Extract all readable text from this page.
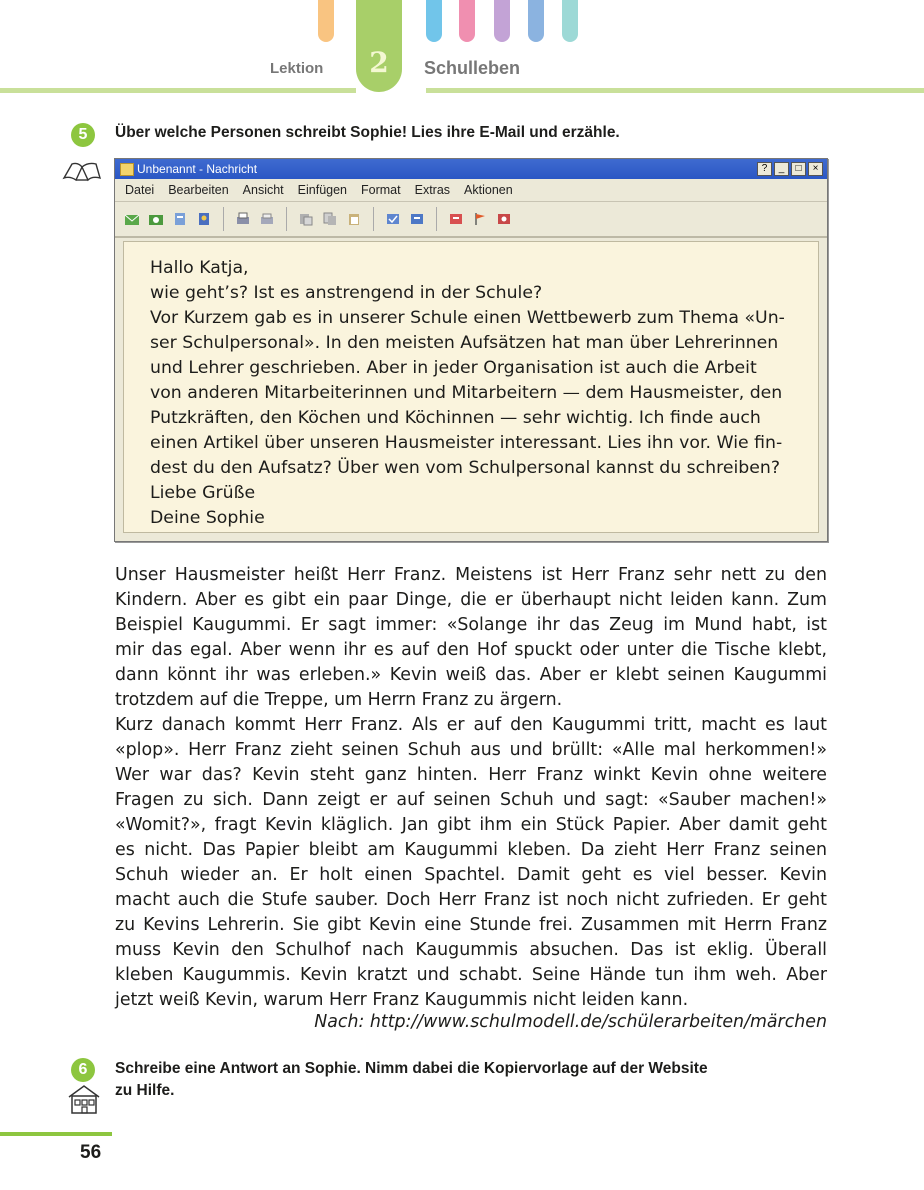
2
Lektion	Schulleben
5	Über welche Personen schreibt Sophie! Lies ihre E-Mail und erzähle.
Unbenannt - Nachricht	?	_	□	×
Datei Bearbeiten Ansicht Einfügen Format Extras Aktionen
Hallo Katja,
wie geht’s? Ist es anstrengend in der Schule?
Vor Kurzem gab es in unserer Schule einen Wettbewerb zum Thema «Un-
ser Schulpersonal». In den meisten Aufsätzen hat man über Lehrerinnen
und Lehrer geschrieben. Aber in jeder Organisation ist auch die Arbeit
von anderen Mitarbeiterinnen und Mitarbeitern — dem Hausmeister, den
Putzkräften, den Köchen und Köchinnen — sehr wichtig. Ich finde auch
einen Artikel über unseren Hausmeister interessant. Lies ihn vor. Wie fin-
dest du den Aufsatz? Über wen vom Schulpersonal kannst du schreiben?
Liebe Grüße
Deine Sophie
Unser Hausmeister heißt Herr Franz. Meistens ist Herr Franz sehr nett zu den
Kindern. Aber es gibt ein paar Dinge, die er überhaupt nicht leiden kann. Zum
Beispiel Kaugummi. Er sagt immer: «Solange ihr das Zeug im Mund habt, ist
mir das egal. Aber wenn ihr es auf den Hof spuckt oder unter die Tische klebt,
dann könnt ihr was erleben.» Kevin weiß das. Aber er klebt seinen Kaugummi
trotzdem auf die Treppe, um Herrn Franz zu ärgern.
Kurz danach kommt Herr Franz. Als er auf den Kaugummi tritt, macht es laut
«plop». Herr Franz zieht seinen Schuh aus und brüllt: «Alle mal herkommen!»
Wer war das? Kevin steht ganz hinten. Herr Franz winkt Kevin ohne weitere
Fragen zu sich. Dann zeigt er auf seinen Schuh und sagt: «Sauber machen!»
«Womit?», fragt Kevin kläglich. Jan gibt ihm ein Stück Papier. Aber damit geht
es nicht. Das Papier bleibt am Kaugummi kleben. Da zieht Herr Franz seinen
Schuh wieder an. Er holt einen Spachtel. Damit geht es viel besser. Kevin
macht auch die Stufe sauber. Doch Herr Franz ist noch nicht zufrieden. Er geht
zu Kevins Lehrerin. Sie gibt Kevin eine Stunde frei. Zusammen mit Herrn Franz
muss Kevin den Schulhof nach Kaugummis absuchen. Das ist eklig. Überall
kleben Kaugummis. Kevin kratzt und schabt. Seine Hände tun ihm weh. Aber
jetzt weiß Kevin, warum Herr Franz Kaugummis nicht leiden kann.
Nach: http://www.schulmodell.de/schülerarbeiten/märchen
6	Schreibe eine Antwort an Sophie. Nimm dabei die Kopiervorlage auf der Website
zu Hilfe.
56
